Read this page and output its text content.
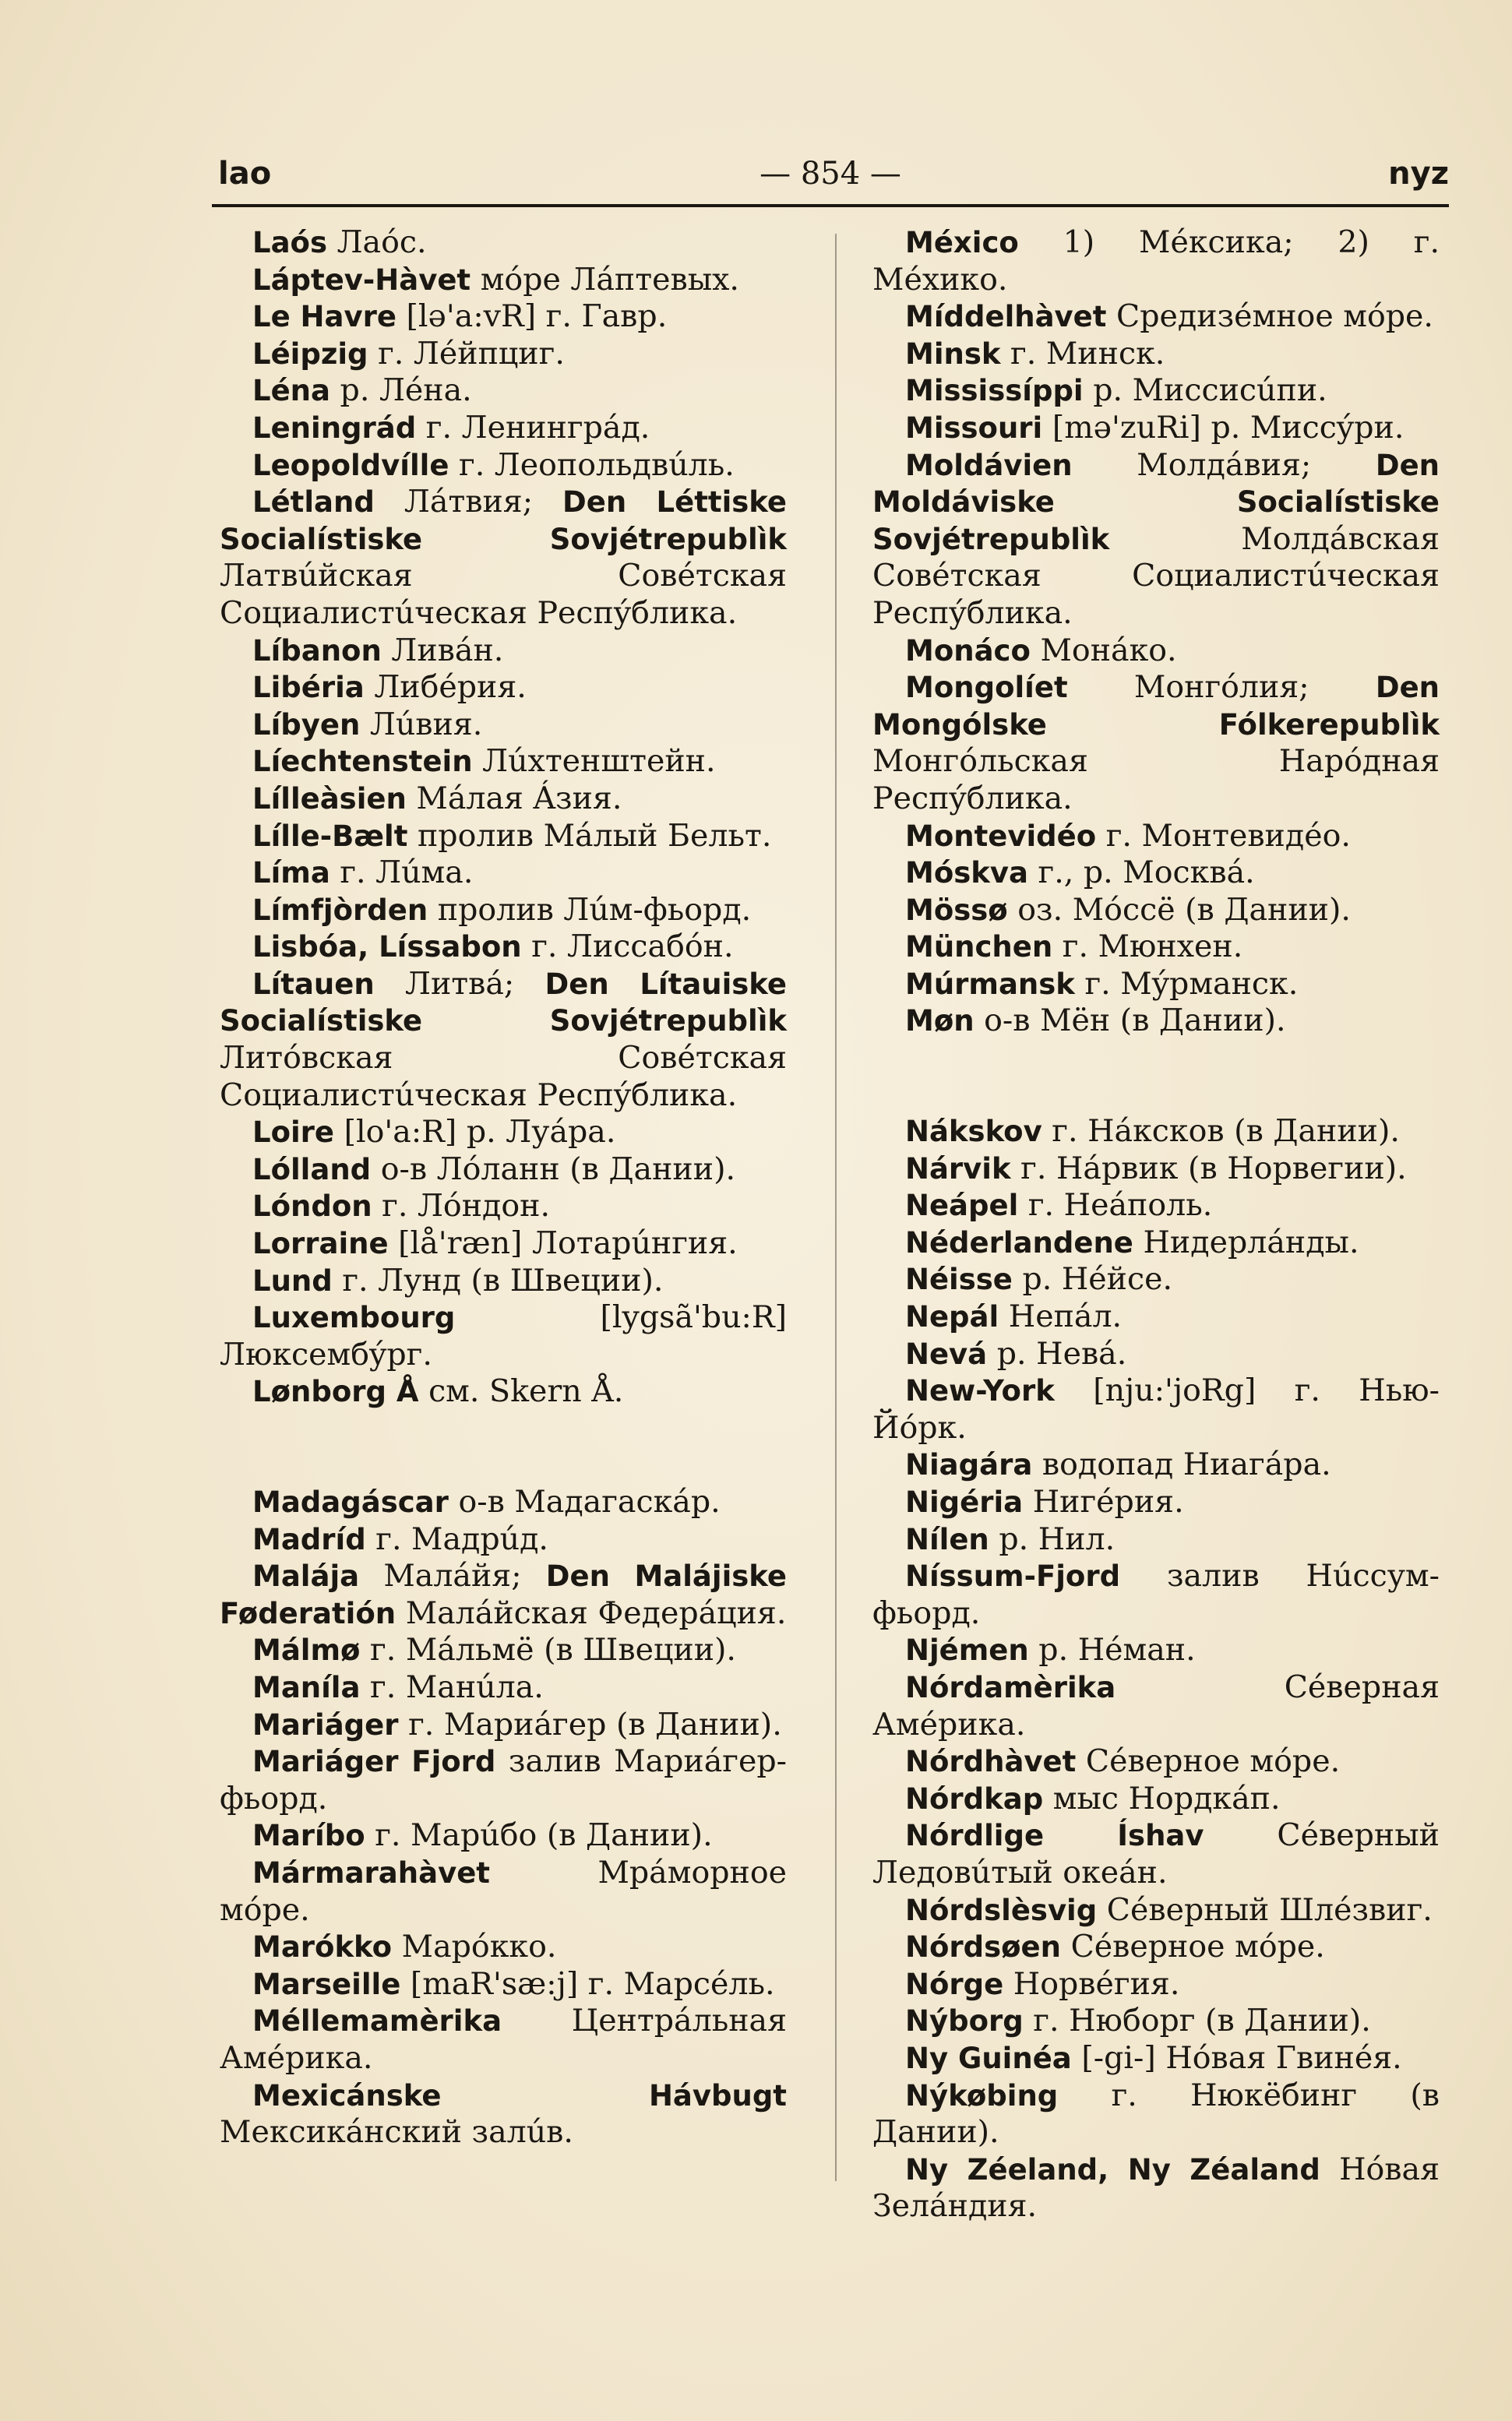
lao	— 854 —	nyz

Laós Лаóс.

Láptev-Hàvet мóре Лáптевых.

Le Havre [lə'a:vR] г. Гавр.

Léipzig г. Лéйпциг.

Léna р. Лéна.

Leningrád г. Ленингрáд.

Leopoldvílle г. Леопольдвúль.

Létland Лáтвия; Den Léttiske Socialístiske Sovjétrepublìk Латвúйская Совéтская Социалистúческая Респýблика.

Líbanon Ливáн.

Libéria Либéрия.

Líbyen Лúвия.

Líechtenstein Лúхтенштейн.

Lílleàsien Мáлая Áзия.

Lílle-Bælt пролив Мáлый Бельт.

Líma г. Лúма.

Límfjòrden пролив Лúм-фьорд.

Lisbóa, Líssabon г. Лиссабóн.

Lítauen Литвá; Den Lítauiske Socialístiske Sovjétrepublìk Литóвская Совéтская Социалистúческая Респýблика.

Loire [lo'a:R] р. Луáра.

Lólland о-в Лóланн (в Дании).

Lóndon г. Лóндон.

Lorraine [lå'ræn] Лотарúнгия.

Lund г. Лунд (в Швеции).

Luxembourg	[lygsã'bu:R] Люксембýрг.

Lønborg Å см. Skern Å.

Madagáscar о-в Мадагаскáр.

Madríd г. Мадрúд.

Malája Малáйя; Den Malájiske Føderatión Малáйская Федерáция.

Málmø г. Мáльмё (в Швеции).

Maníla г. Манúла.

Mariáger г. Мариáгер (в Дании).

Mariáger Fjord залив Мариáгер-фьорд.

Maríbo г. Марúбо (в Дании).

Mármarahàvet	Мрáморное мóре.

Marókko Марóкко.

Marseille [maR'sæ:j] г. Марсéль.

Méllemamèrika Центрáльная Амéрика.

Mexicánske Hávbugt Мексикáнский залúв.

México 1) Мéксика; 2) г. Мéхико.

Míddelhàvet Средизéмное мóре.

Minsk г. Минск.

Mississíppi р. Миссисúпи.

Missouri [mə'zuRi] р. Миссýри.

Moldávien Молдáвия; Den Moldáviske Socialístiske Sovjétrepublìk	Молдáвская Совéтская Социалистúческая Респýблика.

Monáco Монáко.

Mongolíet Монгóлия; Den Mongólske Fólkerepublìk Монгóльская Нарóдная Респýблика.

Montevidéo г. Монтевидéо.

Móskva г., р. Москвá.

Mössø оз. Мóссё (в Дании).

München г. Мюнхен.

Múrmansk г. Мýрманск.

Møn о-в Мён (в Дании).

Nákskov г. Нáксков (в Дании).

Nárvik г. Нáрвик (в Норвегии).

Neápel г. Неáполь.

Néderlandene Нидерлáнды.

Néisse р. Нéйсе.

Nepál Непáл.

Nevá р. Невá.

New-York [nju:'joRg] г. Нью-Йóрк.

Niagára водопад Ниагáра.

Nigéria Нигéрия.

Nílen р. Нил.

Níssum-Fjord залив Нúссум-фьорд.

Njémen р. Нéман.

Nórdamèrika	Сéверная Амéрика.

Nórdhàvet Сéверное мóре.

Nórdkap мыс Нордкáп.

Nórdlige Íshav Сéверный Ледовúтый океáн.

Nórdslèsvig Сéверный Шлéзвиг.

Nórdsøen Сéверное мóре.

Nórge Норвéгия.

Nýborg г. Нюборг (в Дании).

Ny Guinéa [-gi-] Нóвая Гвинéя.

Nýkøbing г. Нюкёбинг (в Дании).

Ny Zéeland, Ny Zéaland Нóвая Зелáндия.
